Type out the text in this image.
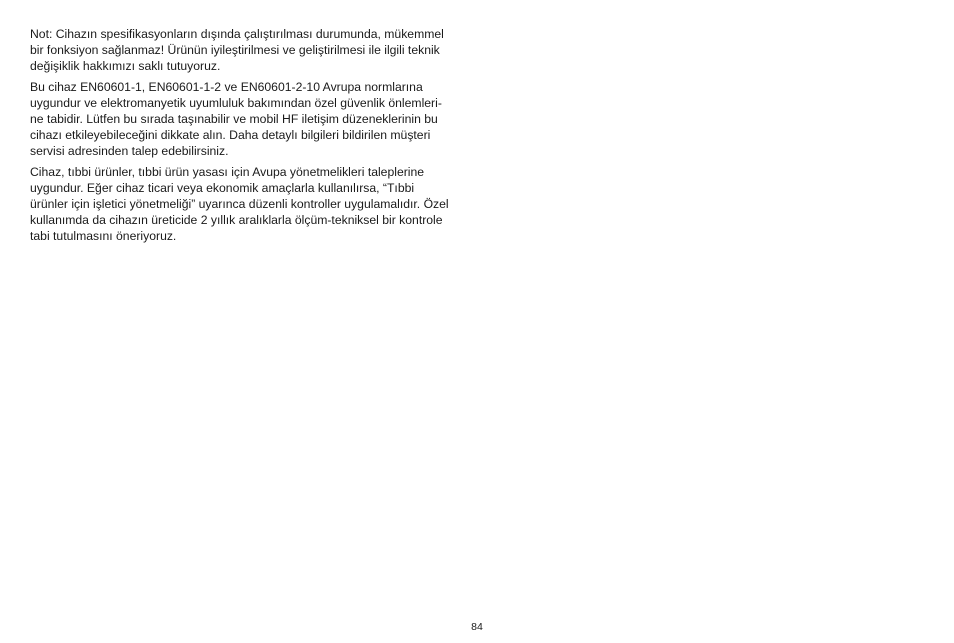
Not: Cihazın spesifikasyonların dışında çalıştırılması durumunda, mükemmel
bir fonksiyon sağlanmaz! Ürünün iyileştirilmesi ve geliştirilmesi ile ilgili teknik
değişiklik hakkımızı saklı tutuyoruz.

Bu cihaz EN60601-1, EN60601-1-2 ve EN60601-2-10 Avrupa normlarına
uygundur ve elektromanyetik uyumluluk bakımından özel güvenlik önlemleri-
ne tabidir. Lütfen bu sırada taşınabilir ve mobil HF iletişim düzeneklerinin bu
cihazı etkileyebileceğini dikkate alın. Daha detaylı bilgileri bildirilen müşteri
servisi adresinden talep edebilirsiniz.

Cihaz, tıbbi ürünler, tıbbi ürün yasası için Avupa yönetmelikleri taleplerine
uygundur. Eğer cihaz ticari veya ekonomik amaçlarla kullanılırsa, “Tıbbi
ürünler için işletici yönetmeliği” uyarınca düzenli kontroller uygulamalıdır. Özel
kullanımda da cihazın üreticide 2 yıllık aralıklarla ölçüm-tekniksel bir kontrole
tabi tutulmasını öneriyoruz.

84
